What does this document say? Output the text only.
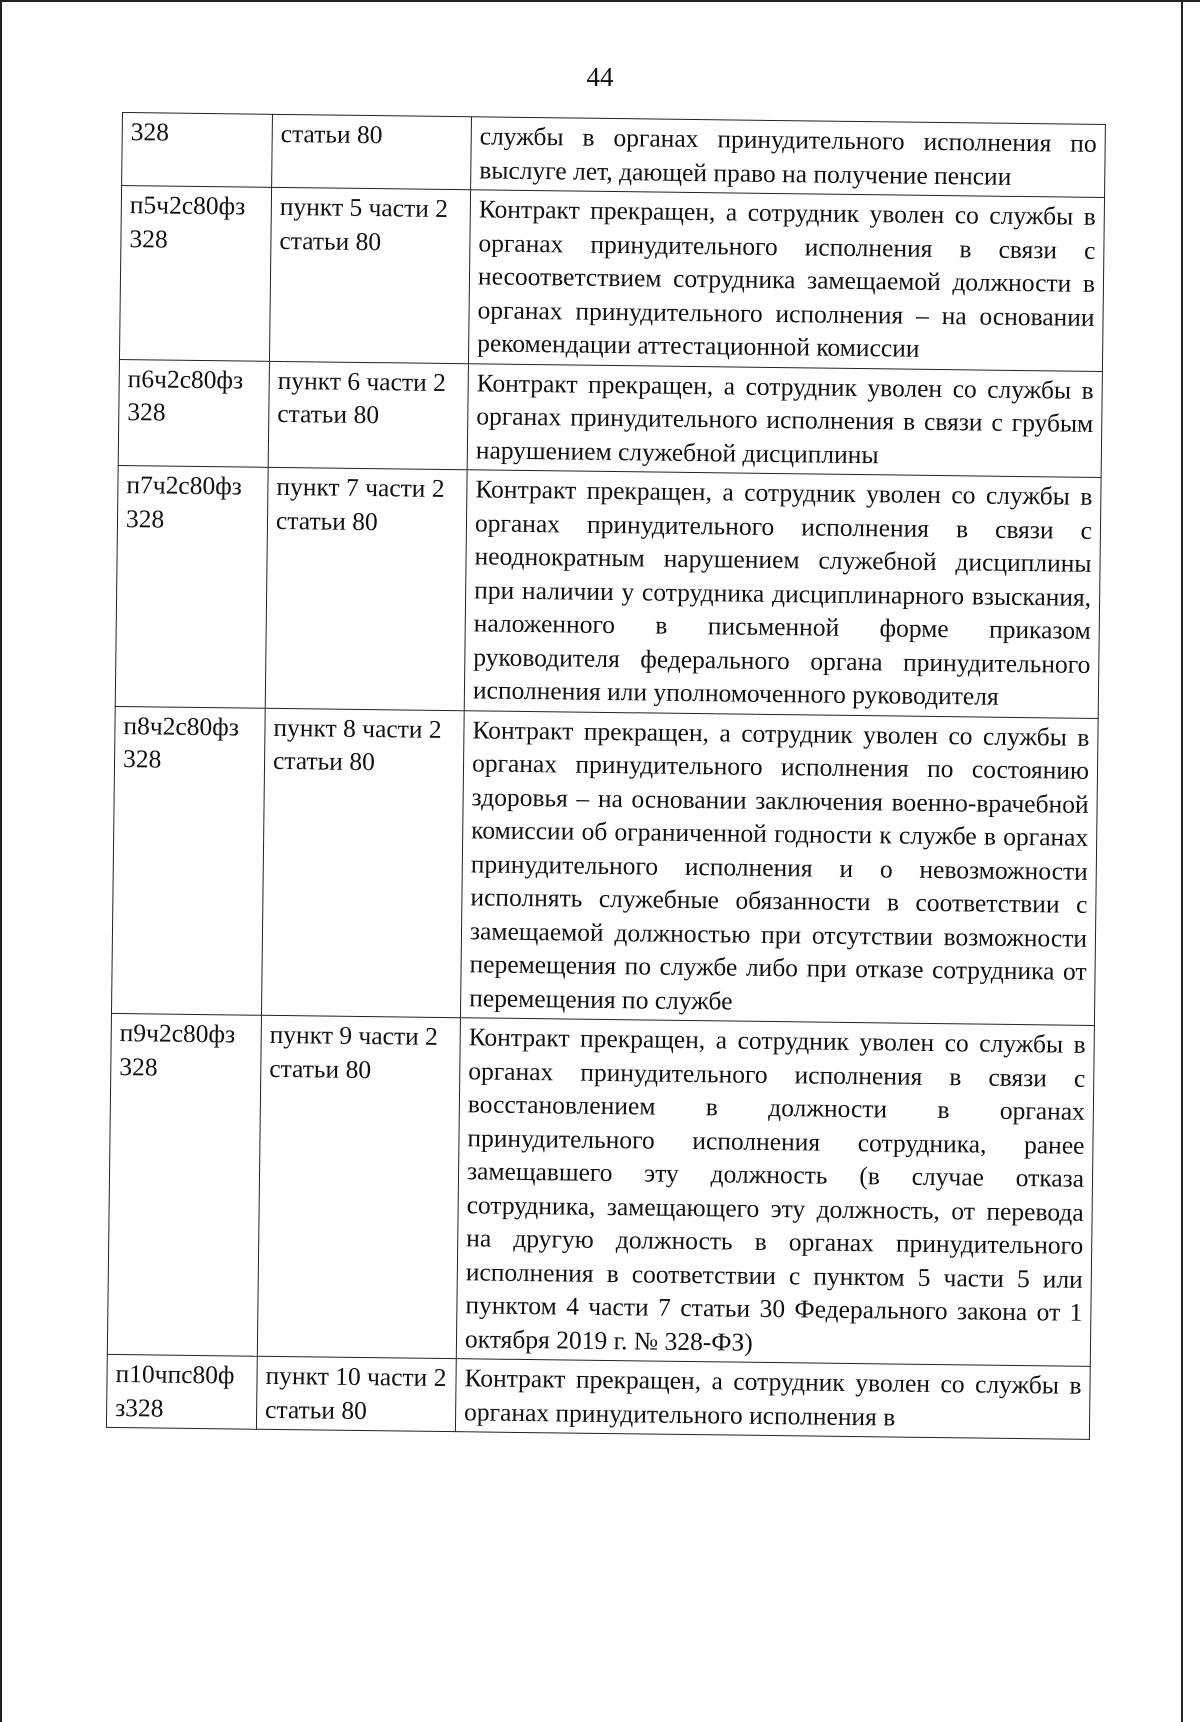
44
328	статьи 80	службы в органах принудительного исполнения по выслуге лет, дающей право на получение пенсии
п5ч2с80фз 328	пункт 5 части 2 статьи 80	Контракт прекращен, а сотрудник уволен со службы в органах принудительного исполнения в связи с несоответствием сотрудника замещаемой должности в органах принудительного исполнения – на основании рекомендации аттестационной комиссии
п6ч2с80фз 328	пункт 6 части 2 статьи 80	Контракт прекращен, а сотрудник уволен со службы в органах принудительного исполнения в связи с грубым нарушением служебной дисциплины
п7ч2с80фз 328	пункт 7 части 2 статьи 80	Контракт прекращен, а сотрудник уволен со службы в органах принудительного исполнения в связи с неоднократным нарушением служебной дисциплины при наличии у сотрудника дисциплинарного взыскания, наложенного в письменной форме приказом руководителя федерального органа принудительного исполнения или уполномоченного руководителя
п8ч2с80фз 328	пункт 8 части 2 статьи 80	Контракт прекращен, а сотрудник уволен со службы в органах принудительного исполнения по состоянию здоровья – на основании заключения военно-врачебной комиссии об ограниченной годности к службе в органах принудительного исполнения и о невозможности исполнять служебные обязанности в соответствии с замещаемой должностью при отсутствии возможности перемещения по службе либо при отказе сотрудника от перемещения по службе
п9ч2с80фз 328	пункт 9 части 2 статьи 80	Контракт прекращен, а сотрудник уволен со службы в органах принудительного исполнения в связи с восстановлением в должности в органах принудительного исполнения сотрудника, ранее замещавшего эту должность (в случае отказа сотрудника, замещающего эту должность, от перевода на другую должность в органах принудительного исполнения в соответствии с пунктом 5 части 5 или пунктом 4 части 7 статьи 30 Федерального закона от 1 октября 2019 г. № 328-ФЗ)
п10чпс80ф з328	пункт 10 части 2 статьи 80	Контракт прекращен, а сотрудник уволен со службы в органах принудительного исполнения в
